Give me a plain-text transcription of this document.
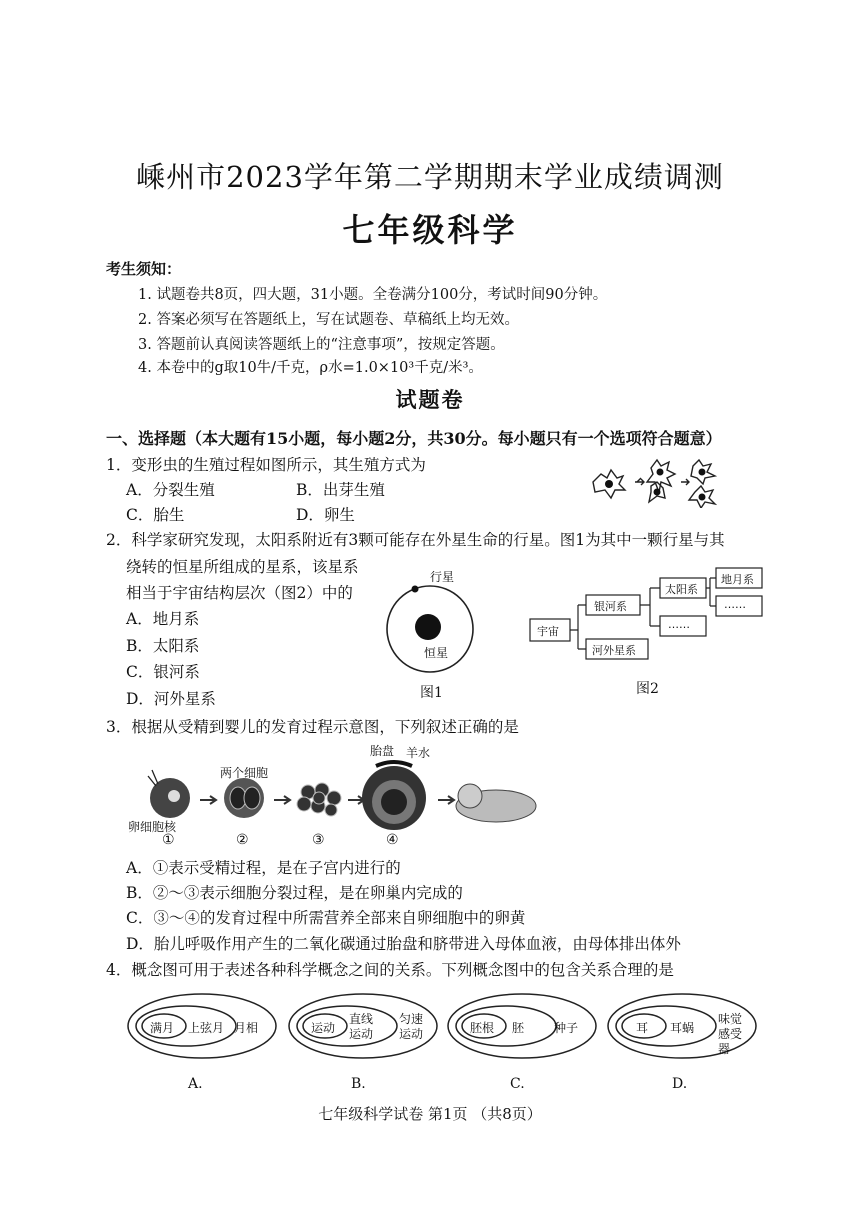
嵊州市2023学年第二学期期末学业成绩调测
七年级科学
考生须知：
1. 试题卷共8页，四大题，31小题。全卷满分100分，考试时间90分钟。
2. 答案必须写在答题纸上，写在试题卷、草稿纸上均无效。
3. 答题前认真阅读答题纸上的“注意事项”，按规定答题。
4. 本卷中的g取10牛/千克，ρ水=1.0×10³千克/米³。
试题卷
一、选择题（本大题有15小题，每小题2分，共30分。每小题只有一个选项符合题意）
1．变形虫的生殖过程如图所示，其生殖方式为
A．分裂生殖	B．出芽生殖
C．胎生	D．卵生
2．科学家研究发现，太阳系附近有3颗可能存在外星生命的行星。图1为其中一颗行星与其
绕转的恒星所组成的星系，该星系
相当于宇宙结构层次（图2）中的
A．地月系
B．太阳系
C．银河系
D．河外星系
行星
恒星
图1
宇宙
银河系
河外星系
太阳系
……
地月系
……
图2
3．根据从受精到婴儿的发育过程示意图，下列叙述正确的是
两个细胞
胎盘 羊水
卵细胞核
①	②	③	④
A．①表示受精过程，是在子宫内进行的
B．②～③表示细胞分裂过程，是在卵巢内完成的
C．③～④的发育过程中所需营养全部来自卵细胞中的卵黄
D．胎儿呼吸作用产生的二氧化碳通过胎盘和脐带进入母体血液，由母体排出体外
4．概念图可用于表述各种科学概念之间的关系。下列概念图中的包含关系合理的是
满月 上弦月 月相
A.
运动
直线运动
匀速运动
B.
胚根 胚 种子
C.
耳 耳蜗
味觉感受器
D.
七年级科学试卷 第1页 （共8页）
